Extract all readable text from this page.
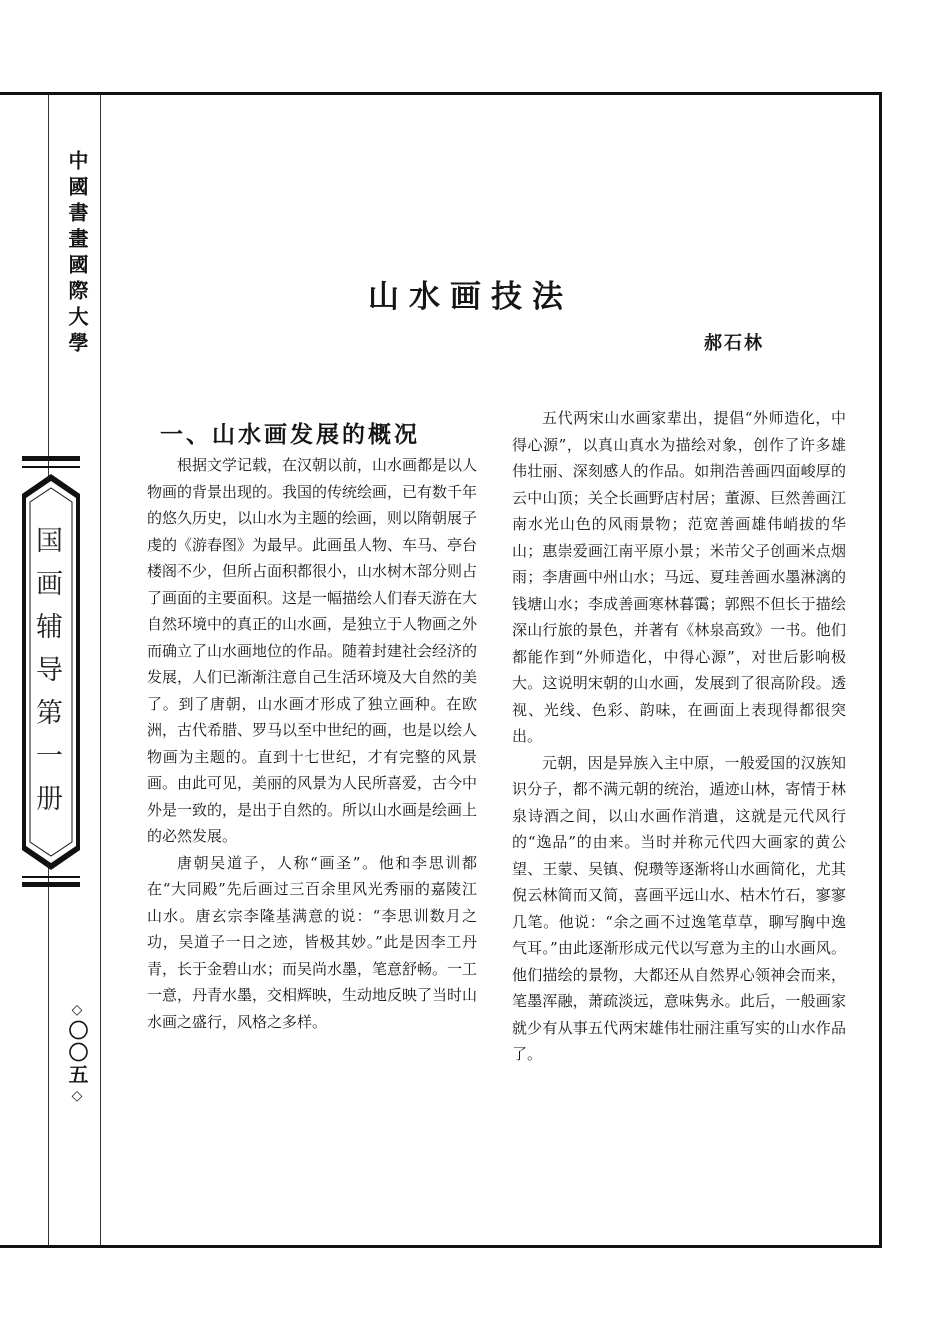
中國書畫國際大學
国画辅导第一册
◇
〇〇五
◇
山水画技法
郝石林
一、山水画发展的概况

根据文学记载，在汉朝以前，山水画都是以人物画的背景出现的。我国的传统绘画，已有数千年的悠久历史，以山水为主题的绘画，则以隋朝展子虔的《游春图》为最早。此画虽人物、车马、亭台楼阁不少，但所占面积都很小，山水树木部分则占了画面的主要面积。这是一幅描绘人们春天游在大自然环境中的真正的山水画，是独立于人物画之外而确立了山水画地位的作品。随着封建社会经济的发展，人们已渐渐注意自己生活环境及大自然的美了。到了唐朝，山水画才形成了独立画种。在欧洲，古代希腊、罗马以至中世纪的画，也是以绘人物画为主题的。直到十七世纪，才有完整的风景画。由此可见，美丽的风景为人民所喜爱，古今中外是一致的，是出于自然的。所以山水画是绘画上的必然发展。

唐朝吴道子，人称“画圣”。他和李思训都在“大同殿”先后画过三百余里风光秀丽的嘉陵江山水。唐玄宗李隆基满意的说：“李思训数月之功，吴道子一日之迹，皆极其妙。”此是因李工丹青，长于金碧山水；而吴尚水墨，笔意舒畅。一工一意，丹青水墨，交相辉映，生动地反映了当时山水画之盛行，风格之多样。

五代两宋山水画家辈出，提倡“外师造化，中得心源”，以真山真水为描绘对象，创作了许多雄伟壮丽、深刻感人的作品。如荆浩善画四面峻厚的云中山顶；关仝长画野店村居；董源、巨然善画江南水光山色的风雨景物；范宽善画雄伟峭拔的华山；惠崇爱画江南平原小景；米芾父子创画米点烟雨；李唐画中州山水；马远、夏珪善画水墨淋漓的钱塘山水；李成善画寒林暮霭；郭熙不但长于描绘深山行旅的景色，并著有《林泉高致》一书。他们都能作到“外师造化，中得心源”，对世后影响极大。这说明宋朝的山水画，发展到了很高阶段。透视、光线、色彩、韵味，在画面上表现得都很突出。

元朝，因是异族入主中原，一般爱国的汉族知识分子，都不满元朝的统治，遁迹山林，寄情于林泉诗酒之间，以山水画作消遣，这就是元代风行的“逸品”的由来。当时并称元代四大画家的黄公望、王蒙、吴镇、倪瓒等逐渐将山水画简化，尤其倪云林简而又简，喜画平远山水、枯木竹石，寥寥几笔。他说：“余之画不过逸笔草草，聊写胸中逸气耳。”由此逐渐形成元代以写意为主的山水画风。他们描绘的景物，大都还从自然界心领神会而来，笔墨浑融，萧疏淡远，意味隽永。此后，一般画家就少有从事五代两宋雄伟壮丽注重写实的山水作品了。
